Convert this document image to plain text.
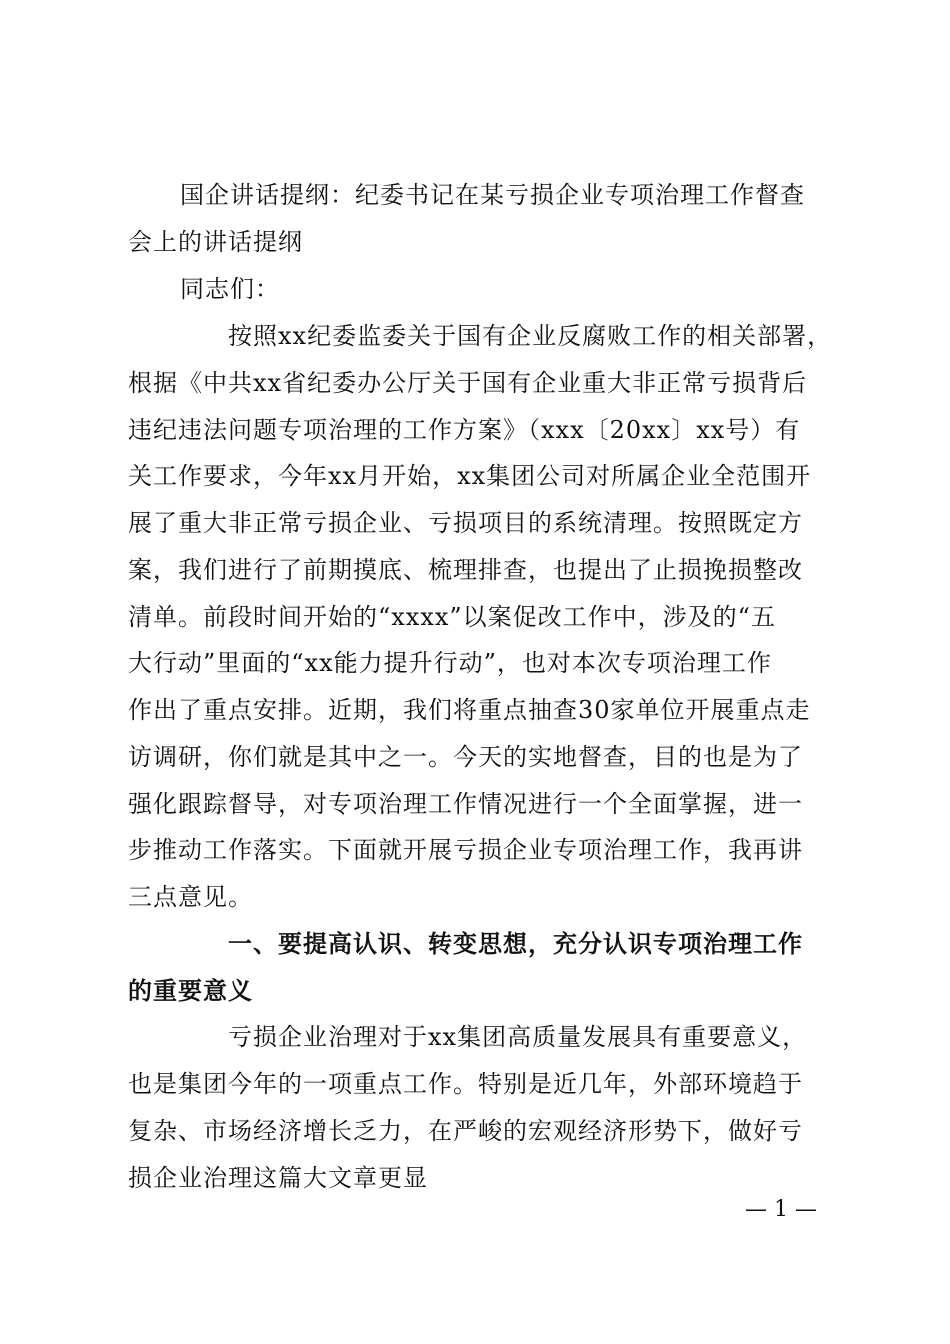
国企讲话提纲：纪委书记在某亏损企业专项治理工作督查
会上的讲话提纲
同志们：
按照xx纪委监委关于国有企业反腐败工作的相关部署，
根据《中共xx省纪委办公厅关于国有企业重大非正常亏损背后
违纪违法问题专项治理的工作方案》（xxx〔20xx〕xx号）有
关工作要求，今年xx月开始，xx集团公司对所属企业全范围开
展了重大非正常亏损企业、亏损项目的系统清理。按照既定方
案，我们进行了前期摸底、梳理排查，也提出了止损挽损整改
清单。前段时间开始的“xxxx”以案促改工作中，涉及的“五
大行动”里面的“xx能力提升行动”，也对本次专项治理工作
作出了重点安排。近期，我们将重点抽查30家单位开展重点走
访调研，你们就是其中之一。今天的实地督查，目的也是为了
强化跟踪督导，对专项治理工作情况进行一个全面掌握，进一
步推动工作落实。下面就开展亏损企业专项治理工作，我再讲
三点意见。
一、要提高认识、转变思想，充分认识专项治理工作
的重要意义
亏损企业治理对于xx集团高质量发展具有重要意义，
也是集团今年的一项重点工作。特别是近几年，外部环境趋于
复杂、市场经济增长乏力，在严峻的宏观经济形势下，做好亏
损企业治理这篇大文章更显
— 1 —
